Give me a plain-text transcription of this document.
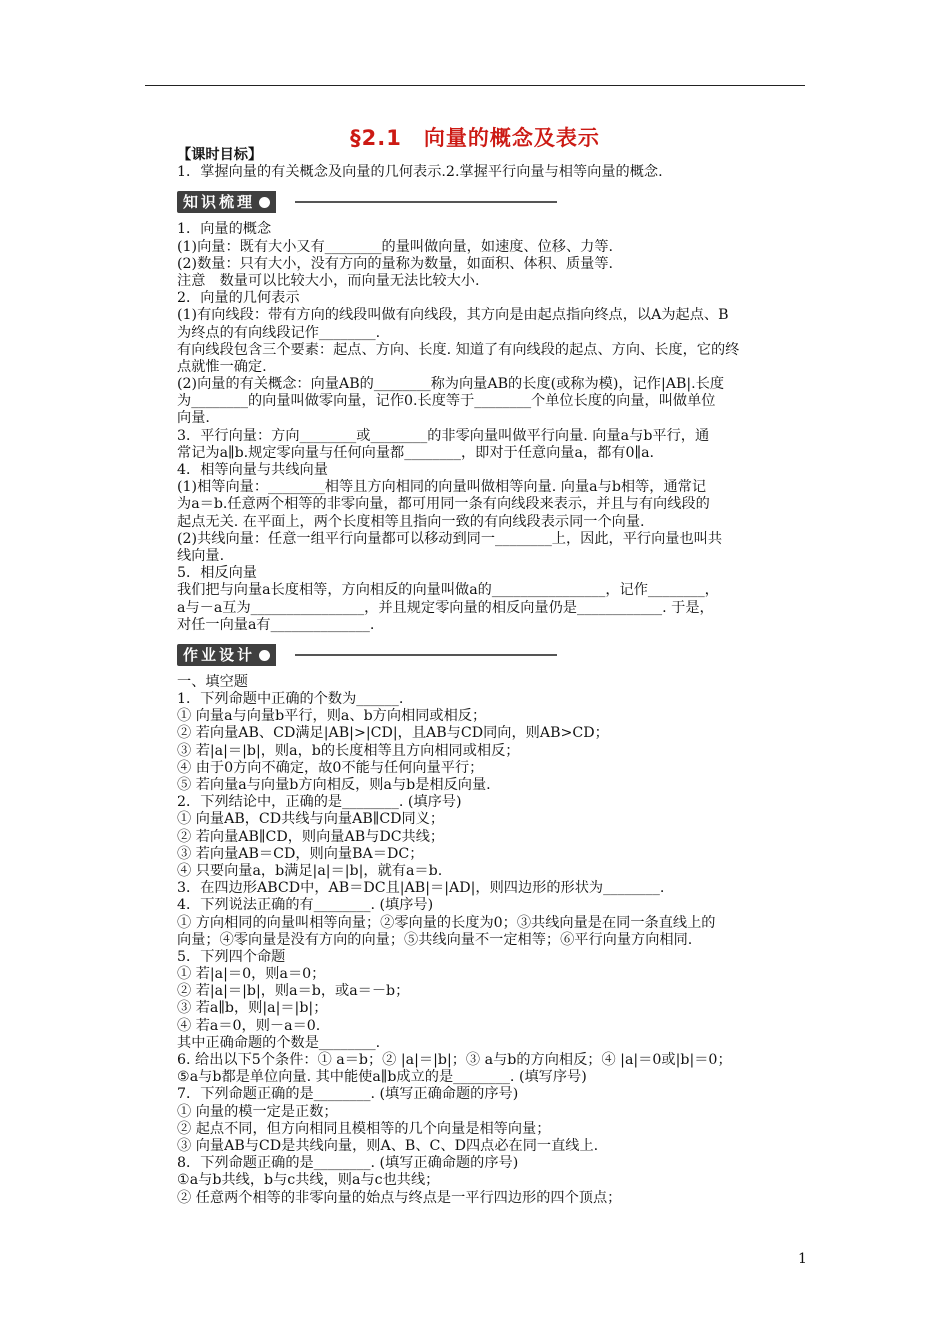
§2.1　向量的概念及表示
【课时目标】
1．掌握向量的有关概念及向量的几何表示.2.掌握平行向量与相等向量的概念.
知识梳理
1．向量的概念
(1)向量：既有大小又有________的量叫做向量，如速度、位移、力等.
(2)数量：只有大小，没有方向的量称为数量，如面积、体积、质量等.
注意　数量可以比较大小，而向量无法比较大小.
2．向量的几何表示
(1)有向线段：带有方向的线段叫做有向线段，其方向是由起点指向终点，以A为起点、B
为终点的有向线段记作________.
有向线段包含三个要素：起点、方向、长度. 知道了有向线段的起点、方向、长度，它的终
点就惟一确定.
(2)向量的有关概念：向量AB的________称为向量AB的长度(或称为模)，记作|AB|.长度
为________的向量叫做零向量，记作0.长度等于________个单位长度的向量，叫做单位
向量.
3．平行向量：方向________或________的非零向量叫做平行向量. 向量a与b平行，通
常记为a∥b.规定零向量与任何向量都________，即对于任意向量a，都有0∥a.
4．相等向量与共线向量
(1)相等向量：________相等且方向相同的向量叫做相等向量. 向量a与b相等，通常记
为a＝b.任意两个相等的非零向量，都可用同一条有向线段来表示，并且与有向线段的
起点无关. 在平面上，两个长度相等且指向一致的有向线段表示同一个向量.
(2)共线向量：任意一组平行向量都可以移动到同一________上，因此，平行向量也叫共
线向量.
5．相反向量
我们把与向量a长度相等，方向相反的向量叫做a的________________，记作________，
a与－a互为________________，并且规定零向量的相反向量仍是____________. 于是，
对任一向量a有______________.
作业设计
一、填空题
1．下列命题中正确的个数为______.
① 向量a与向量b平行，则a、b方向相同或相反；
② 若向量AB、CD满足|AB|>|CD|，且AB与CD同向，则AB>CD；
③ 若|a|＝|b|，则a，b的长度相等且方向相同或相反；
④ 由于0方向不确定，故0不能与任何向量平行；
⑤ 若向量a与向量b方向相反，则a与b是相反向量.
2．下列结论中，正确的是________. (填序号)
① 向量AB，CD共线与向量AB∥CD同义；
② 若向量AB∥CD，则向量AB与DC共线；
③ 若向量AB＝CD，则向量BA＝DC；
④ 只要向量a，b满足|a|＝|b|，就有a＝b.
3．在四边形ABCD中，AB＝DC且|AB|＝|AD|，则四边形的形状为________.
4．下列说法正确的有________. (填序号)
① 方向相同的向量叫相等向量；②零向量的长度为0；③共线向量是在同一条直线上的
向量；④零向量是没有方向的向量；⑤共线向量不一定相等；⑥平行向量方向相同.
5．下列四个命题
① 若|a|＝0，则a＝0；
② 若|a|＝|b|，则a＝b，或a＝－b；
③ 若a∥b，则|a|＝|b|；
④ 若a＝0，则－a＝0.
其中正确命题的个数是________.
6. 给出以下5个条件：① a＝b；② |a|＝|b|；③ a与b的方向相反；④ |a|＝0或|b|＝0；
⑤a与b都是单位向量. 其中能使a∥b成立的是________. (填写序号)
7．下列命题正确的是________. (填写正确命题的序号)
① 向量的模一定是正数；
② 起点不同，但方向相同且模相等的几个向量是相等向量；
③ 向量AB与CD是共线向量，则A、B、C、D四点必在同一直线上.
8．下列命题正确的是________. (填写正确命题的序号)
①a与b共线，b与c共线，则a与c也共线；
② 任意两个相等的非零向量的始点与终点是一平行四边形的四个顶点；
1
